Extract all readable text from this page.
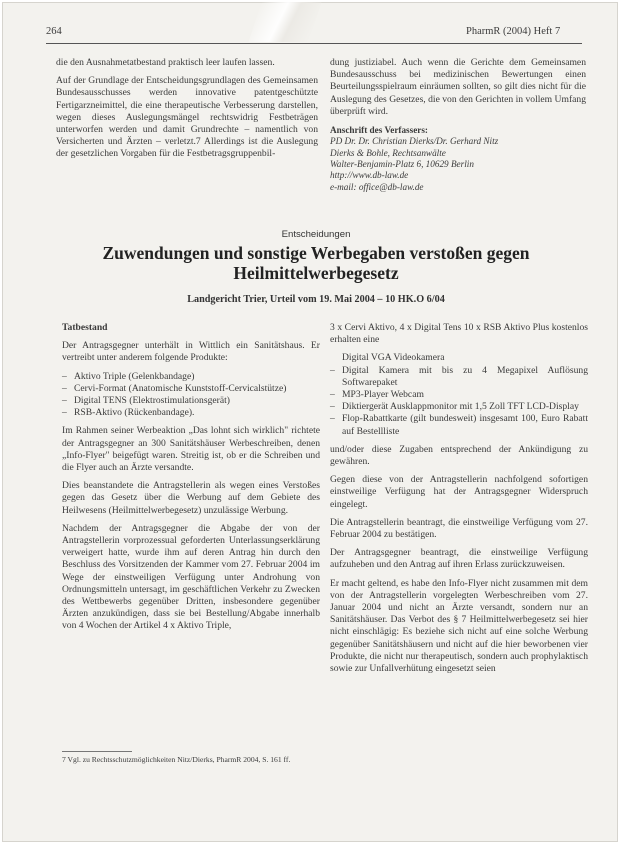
264	PharmR (2004) Heft 7

die den Ausnahmetatbestand praktisch leer laufen lassen.

Auf der Grundlage der Entscheidungsgrundlagen des Gemeinsamen Bundesausschusses werden innovative patentgeschützte Fertigarzneimittel, die eine therapeutische Verbesserung darstellen, wegen dieses Auslegungsmängel rechtswidrig Festbeträgen unterworfen werden und damit Grundrechte – namentlich von Versicherten und Ärzten – verletzt.7 Allerdings ist die Auslegung der gesetzlichen Vorgaben für die Festbetragsgruppenbil-

dung justiziabel. Auch wenn die Gerichte dem Gemeinsamen Bundesausschuss bei medizinischen Bewertungen einen Beurteilungsspielraum einräumen sollten, so gilt dies nicht für die Auslegung des Gesetzes, die von den Gerichten in vollem Umfang überprüft wird.

Anschrift des Verfassers:
PD Dr. Dr. Christian Dierks/Dr. Gerhard Nitz
Dierks & Bohle, Rechtsanwälte
Walter-Benjamin-Platz 6, 10629 Berlin
http://www.db-law.de
e-mail: office@db-law.de
Entscheidungen
Zuwendungen und sonstige Werbegaben verstoßen gegen Heilmittelwerbegesetz
Landgericht Trier, Urteil vom 19. Mai 2004 – 10 HK.O 6/04
Tatbestand

Der Antragsgegner unterhält in Wittlich ein Sanitätshaus. Er vertreibt unter anderem folgende Produkte:

– Aktivo Triple (Gelenkbandage)
– Cervi-Format (Anatomische Kunststoff-Cervicalstütze)
– Digital TENS (Elektrostimulationsgerät)
– RSB-Aktivo (Rückenbandage).

Im Rahmen seiner Werbeaktion „Das lohnt sich wirklich" richtete der Antragsgegner an 300 Sanitätshäuser Werbeschreiben, denen „Info-Flyer" beigefügt waren. Streitig ist, ob er die Schreiben und die Flyer auch an Ärzte versandte.

Dies beanstandete die Antragstellerin als wegen eines Verstoßes gegen das Gesetz über die Werbung auf dem Gebiete des Heilwesens (Heilmittelwerbegesetz) unzulässige Werbung.

Nachdem der Antragsgegner die Abgabe der von der Antragstellerin vorprozessual geforderten Unterlassungserklärung verweigert hatte, wurde ihm auf deren Antrag hin durch den Beschluss des Vorsitzenden der Kammer vom 27. Februar 2004 im Wege der einstweiligen Verfügung unter Androhung von Ordnungsmitteln untersagt, im geschäftlichen Verkehr zu Zwecken des Wettbewerbs gegenüber Dritten, insbesondere gegenüber Ärzten anzukündigen, dass sie bei Bestellung/Abgabe innerhalb von 4 Wochen der Artikel 4 x Aktivo Triple,

3 x Cervi Aktivo, 4 x Digital Tens 10 x RSB Aktivo Plus kostenlos erhalten eine

Digital VGA Videokamera
– Digital Kamera mit bis zu 4 Megapixel Auflösung Softwarepaket
– MP3-Player Webcam
– Diktiergerät Ausklappmonitor mit 1,5 Zoll TFT LCD-Display
– Flop-Rabattkarte (gilt bundesweit) insgesamt 100, Euro Rabatt auf Bestellliste

und/oder diese Zugaben entsprechend der Ankündigung zu gewähren.

Gegen diese von der Antragstellerin nachfolgend sofortigen einstweilige Verfügung hat der Antragsgegner Widerspruch eingelegt.

Die Antragstellerin beantragt, die einstweilige Verfügung vom 27. Februar 2004 zu bestätigen.

Der Antragsgegner beantragt, die einstweilige Verfügung aufzuheben und den Antrag auf ihren Erlass zurückzuweisen.

Er macht geltend, es habe den Info-Flyer nicht zusammen mit dem von der Antragstellerin vorgelegten Werbeschreiben vom 27. Januar 2004 und nicht an Ärzte versandt, sondern nur an Sanitätshäuser. Das Verbot des § 7 Heilmittelwerbegesetz sei hier nicht einschlägig: Es beziehe sich nicht auf eine solche Werbung gegenüber Sanitätshäusern und nicht auf die hier beworbenen vier Produkte, die nicht nur therapeutisch, sondern auch prophylaktisch sowie zur Unfallverhütung eingesetzt seien

7 Vgl. zu Rechtsschutzmöglichkeiten Nitz/Dierks, PharmR 2004, S. 161 ff.
